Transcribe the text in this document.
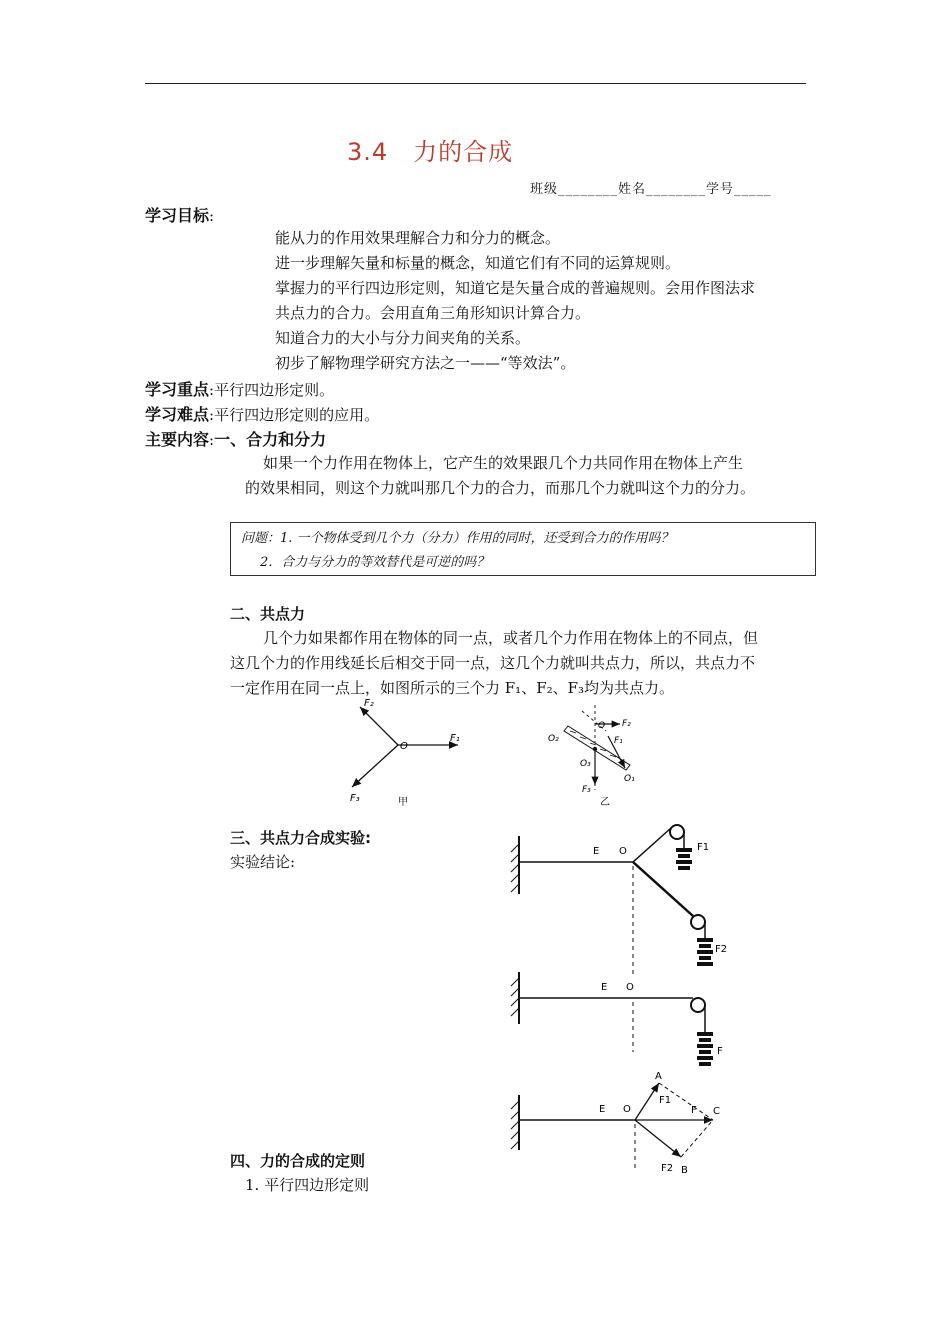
3.4　力的合成
班级________姓名________学号_____
学习目标:
能从力的作用效果理解合力和分力的概念。
进一步理解矢量和标量的概念，知道它们有不同的运算规则。
掌握力的平行四边形定则，知道它是矢量合成的普遍规则。会用作图法求
共点力的合力。会用直角三角形知识计算合力。
知道合力的大小与分力间夹角的关系。
初步了解物理学研究方法之一——“等效法”。
学习重点:平行四边形定则。
学习难点:平行四边形定则的应用。
主要内容:一、合力和分力
如果一个力作用在物体上，它产生的效果跟几个力共同作用在物体上产生
的效果相同，则这个力就叫那几个力的合力，而那几个力就叫这个力的分力。
问题：1. 一个物体受到几个力（分力）作用的同时，还受到合力的作用吗？
2．合力与分力的等效替代是可逆的吗？
二、共点力
几个力如果都作用在物体的同一点，或者几个力作用在物体上的不同点，但
这几个力的作用线延长后相交于同一点，这几个力就叫共点力，所以，共点力不
一定作用在同一点上，如图所示的三个力 F₁、F₂、F₃均为共点力。
O
F₁
F₂
F₃	甲
O F₂
F₁
O₂
O₃
O₁
F₃
乙
三、共点力合成实验:
实验结论:
E O	F1
F2
E O
F
E O
A
F1
F C
F2 B
四、力的合成的定则
1. 平行四边形定则
